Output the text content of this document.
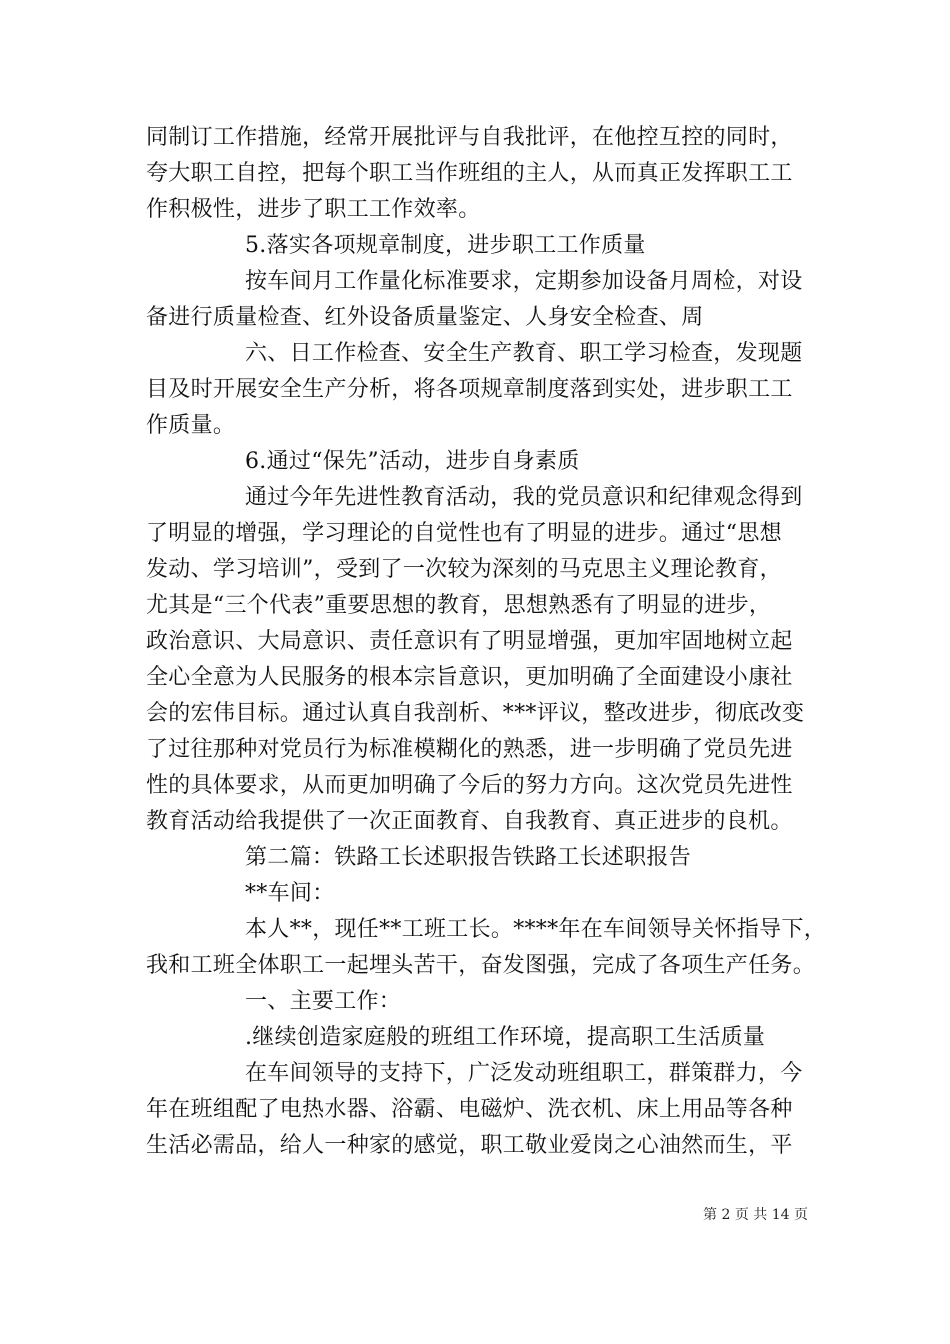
同制订工作措施，经常开展批评与自我批评，在他控互控的同时，
夸大职工自控，把每个职工当作班组的主人，从而真正发挥职工工
作积极性，进步了职工工作效率。
5.落实各项规章制度，进步职工工作质量
按车间月工作量化标准要求，定期参加设备月周检，对设
备进行质量检查、红外设备质量鉴定、人身安全检查、周
六、日工作检查、安全生产教育、职工学习检查，发现题
目及时开展安全生产分析，将各项规章制度落到实处，进步职工工
作质量。
6.通过“保先”活动，进步自身素质
通过今年先进性教育活动，我的党员意识和纪律观念得到
了明显的增强，学习理论的自觉性也有了明显的进步。通过“思想
发动、学习培训”，受到了一次较为深刻的马克思主义理论教育，
尤其是“三个代表”重要思想的教育，思想熟悉有了明显的进步，
政治意识、大局意识、责任意识有了明显增强，更加牢固地树立起
全心全意为人民服务的根本宗旨意识，更加明确了全面建设小康社
会的宏伟目标。通过认真自我剖析、***评议，整改进步，彻底改变
了过往那种对党员行为标准模糊化的熟悉，进一步明确了党员先进
性的具体要求，从而更加明确了今后的努力方向。这次党员先进性
教育活动给我提供了一次正面教育、自我教育、真正进步的良机。
第二篇：铁路工长述职报告铁路工长述职报告
**车间：
本人**，现任**工班工长。****年在车间领导关怀指导下，
我和工班全体职工一起埋头苦干，奋发图强，完成了各项生产任务。
一、主要工作：
.继续创造家庭般的班组工作环境，提高职工生活质量
在车间领导的支持下，广泛发动班组职工，群策群力，今
年在班组配了电热水器、浴霸、电磁炉、洗衣机、床上用品等各种
生活必需品，给人一种家的感觉，职工敬业爱岗之心油然而生，平
第 2 页 共 14 页
